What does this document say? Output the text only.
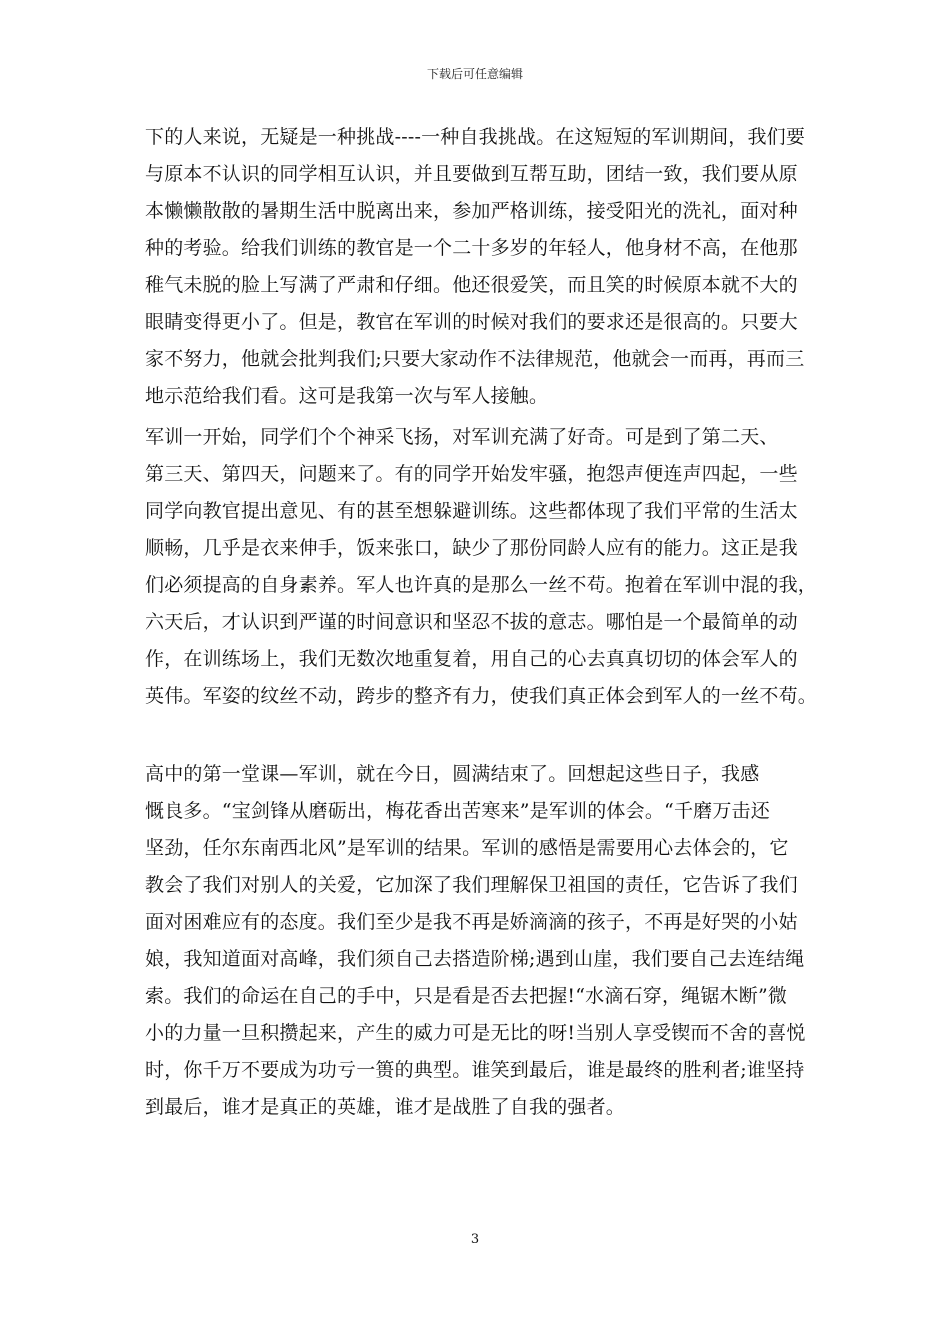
下载后可任意编辑
下的人来说，无疑是一种挑战----一种自我挑战。在这短短的军训期间，我们要
与原本不认识的同学相互认识，并且要做到互帮互助，团结一致，我们要从原
本懒懒散散的暑期生活中脱离出来，参加严格训练，接受阳光的洗礼，面对种
种的考验。给我们训练的教官是一个二十多岁的年轻人，他身材不高，在他那
稚气未脱的脸上写满了严肃和仔细。他还很爱笑，而且笑的时候原本就不大的
眼睛变得更小了。但是，教官在军训的时候对我们的要求还是很高的。只要大
家不努力，他就会批判我们;只要大家动作不法律规范，他就会一而再，再而三
地示范给我们看。这可是我第一次与军人接触。
军训一开始，同学们个个神采飞扬，对军训充满了好奇。可是到了第二天、
第三天、第四天，问题来了。有的同学开始发牢骚，抱怨声便连声四起，一些
同学向教官提出意见、有的甚至想躲避训练。这些都体现了我们平常的生活太
顺畅，几乎是衣来伸手，饭来张口，缺少了那份同龄人应有的能力。这正是我
们必须提高的自身素养。军人也许真的是那么一丝不苟。抱着在军训中混的我，
六天后，才认识到严谨的时间意识和坚忍不拔的意志。哪怕是一个最简单的动
作，在训练场上，我们无数次地重复着，用自己的心去真真切切的体会军人的
英伟。军姿的纹丝不动，跨步的整齐有力，使我们真正体会到军人的一丝不苟。
高中的第一堂课—军训，就在今日，圆满结束了。回想起这些日子，我感
慨良多。“宝剑锋从磨砺出，梅花香出苦寒来”是军训的体会。“千磨万击还
坚劲，任尔东南西北风”是军训的结果。军训的感悟是需要用心去体会的，它
教会了我们对别人的关爱，它加深了我们理解保卫祖国的责任，它告诉了我们
面对困难应有的态度。我们至少是我不再是娇滴滴的孩子，不再是好哭的小姑
娘，我知道面对高峰，我们须自己去搭造阶梯;遇到山崖，我们要自己去连结绳
索。我们的命运在自己的手中，只是看是否去把握!“水滴石穿，绳锯木断”微
小的力量一旦积攒起来，产生的威力可是无比的呀!当别人享受锲而不舍的喜悦
时，你千万不要成为功亏一篑的典型。谁笑到最后，谁是最终的胜利者;谁坚持
到最后，谁才是真正的英雄，谁才是战胜了自我的强者。
3
